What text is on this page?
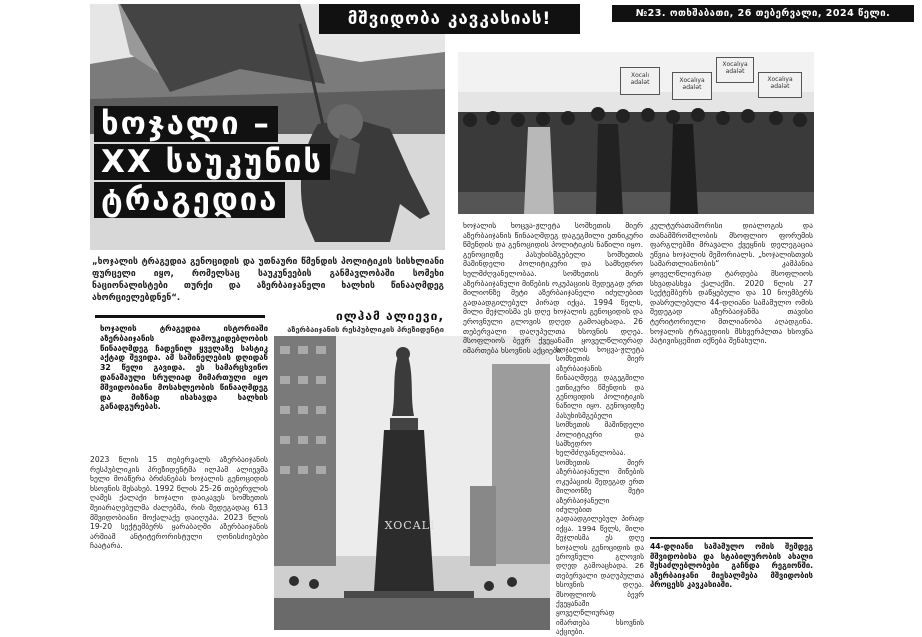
ხოჯალი –
XX საუკუნის
ტრაგედია
მშვიდობა კავკასიას!	№23. ოთხშაბათი, 26 თებერვალი, 2024 წელი.
Xocalı adalət	Xocalıya ədalət
Xocalıya adalət
Xocalıya ədalət
„ხოჯალის ტრაგედია გენოციდის და უთნაური წმენდის პოლიტიკის სისხლიანი ფურცელი იყო, რომელსაც საუკუნეების განმავლობაში სომეხი ნაციონალისტები თურქი და აზერბაიჯანელი ხალხის წინააღმდეგ ახორციელებდნენ“.
ილჰამ ალიევი,
აზერბაიჯანის რესპუბლიკის პრეზიდენტი
ხოჯალის ტრაგედია ისტორიაში აზერბაიჯანის დამოუკიდებლობის წინააღმდეგ ჩადენილ ყველაზე სასტიკ აქტად შევიდა. ამ საშინელების დღიდან 32 წელი გავიდა. ეს სამარცხვინო დანაშაული სრულიად მიმართული იყო მშვიდობიანი მოსახლეობის წინააღმდეგ და მიზნად ისახავდა ხალხის განადგურებას.
2023 წლის 15 თებერვალს აზერბაიჯანის რესპუბლიკის პრეზიდენტმა ილჰამ ალიევმა ხელი მოაწერა ბრძანებას ხოჯალის გენოციდის ხსოვნის შესახებ. 1992 წლის 25-26 თებერვლის ღამეს ქალაქი ხოჯალი დაიკავეს სომხეთის შეიარაღებულმა ძალებმა, რის შედეგადაც 613 მშვიდობიანი მოქალაქე დაიღუპა. 2023 წლის 19-20 სექტემბერს ყარაბაღში აზერბაიჯანის არმიამ ანტიტერორისტული ღონისძიებები ჩაატარა.
XOCALI
ხოჯალის ხოცვა-ჟლეტა სომხეთის მიერ აზერბაიჯანის წინააღმდეგ დაგეგმილი ეთნიკური წმენდის და გენოციდის პოლიტიკის ნაწილი იყო. გენოციდზე პასუხისმგებელი სომხეთის მაშინდელი პოლიტიკური და სამხედრო ხელმძღვანელობაა. სომხეთის მიერ აზერბაიჯანული მიწების ოკუპაციის შედეგად ერთ მილიონზე მეტი აზერბაიჯანელი იძულებით გადაადგილებულ პირად იქცა. 1994 წელს, მილი მეჯლისმა ეს დღე ხოჯალის გენოციდის და ეროვნული გლოვის დღედ გამოაცხადა. 26 თებერვალი დაღუპულთა ხსოვნის დღეა. მსოფლიოს ბევრ ქვეყანაში ყოველწლიურად იმართება ხსოვნის აქციები.
ხოჯალის ხოცვა-ჟლეტა სომხეთის მიერ აზერბაიჯანის წინააღმდეგ დაგეგმილი ეთნიკური წმენდის და გენოციდის პოლიტიკის ნაწილი იყო. გენოციდზე პასუხისმგებელი სომხეთის მაშინდელი პოლიტიკური და სამხედრო ხელმძღვანელობაა. სომხეთის მიერ აზერბაიჯანული მიწების ოკუპაციის შედეგად ერთ მილიონზე მეტი აზერბაიჯანელი იძულებით გადაადგილებულ პირად იქცა. 1994 წელს, მილი მეჯლისმა ეს დღე ხოჯალის გენოციდის და ეროვნული გლოვის დღედ გამოაცხადა. 26 თებერვალი დაღუპულთა ხსოვნის დღეა. მსოფლიოს ბევრ ქვეყანაში ყოველწლიურად იმართება ხსოვნის აქციები.
კულტურათაშორისი დიალოგის და თანამშრომლობის მსოფლიო ფორუმის ფარგლებში მრავალი ქვეყნის დელეგაცია ეწვია ხოჯალის მემორიალს. „ხოჯალისთვის სამართლიანობის“ კამპანია ყოველწლიურად ტარდება მსოფლიოს სხვადასხვა ქალაქში. 2020 წლის 27 სექტემბერს დაწყებული და 10 ნოემბერს დასრულებული 44-დღიანი სამამულო ომის შედეგად აზერბაიჯანმა თავისი ტერიტორიული მთლიანობა აღადგინა. ხოჯალის ტრაგედიის მსხვერპლთა ხსოვნა პატივისცემით იქნება შენახული.
44-დღიანი სამამულო ომის შემდეგ მშვიდობისა და სტაბილურობის ახალი შესაძლებლობები გაჩნდა რეგიონში. აზერბაიჯანი მიესალმება მშვიდობის პროცესს კავკასიაში.
